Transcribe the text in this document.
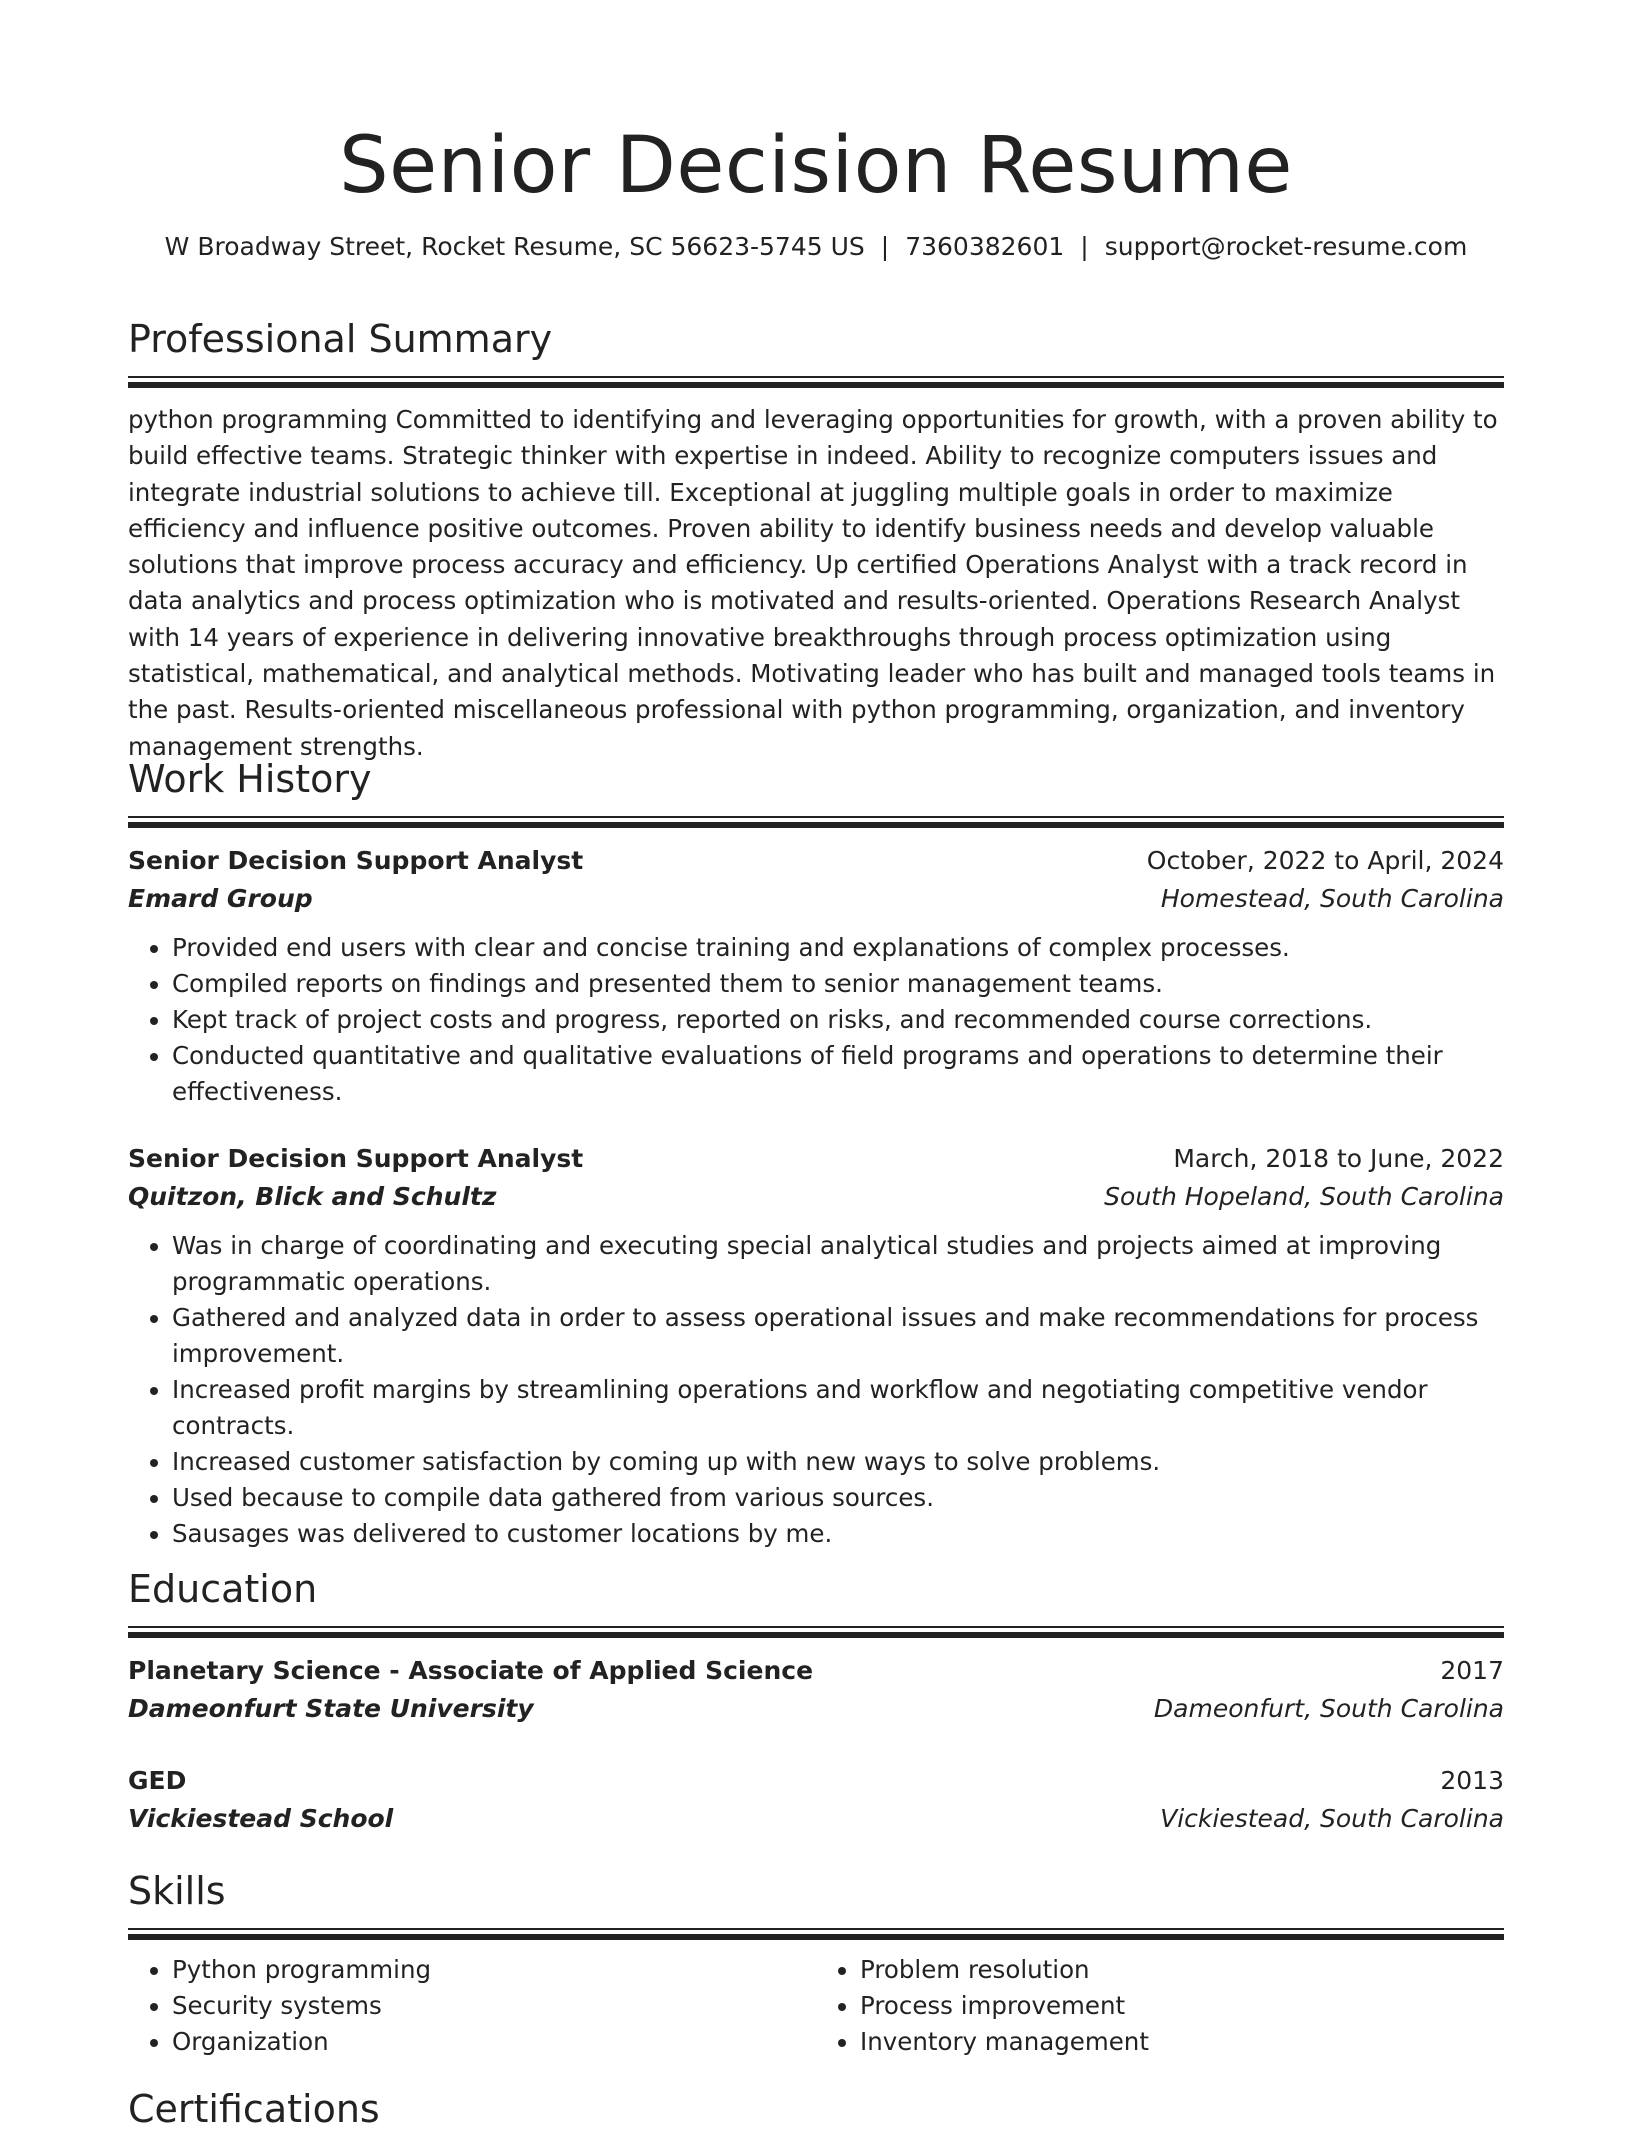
Senior Decision Resume
W Broadway Street, Rocket Resume, SC 56623-5745 US | 7360382601 | support@rocket-resume.com
Professional Summary
python programming Committed to identifying and leveraging opportunities for growth, with a proven ability to build effective teams. Strategic thinker with expertise in indeed. Ability to recognize computers issues and integrate industrial solutions to achieve till. Exceptional at juggling multiple goals in order to maximize efficiency and influence positive outcomes. Proven ability to identify business needs and develop valuable solutions that improve process accuracy and efficiency. Up certified Operations Analyst with a track record in data analytics and process optimization who is motivated and results-oriented. Operations Research Analyst with 14 years of experience in delivering innovative breakthroughs through process optimization using statistical, mathematical, and analytical methods. Motivating leader who has built and managed tools teams in the past. Results-oriented miscellaneous professional with python programming, organization, and inventory management strengths.
Work History
Senior Decision Support Analyst	October, 2022 to April, 2024
Emard Group	Homestead, South Carolina
• Provided end users with clear and concise training and explanations of complex processes.
• Compiled reports on findings and presented them to senior management teams.
• Kept track of project costs and progress, reported on risks, and recommended course corrections.
• Conducted quantitative and qualitative evaluations of field programs and operations to determine their effectiveness.
Senior Decision Support Analyst	March, 2018 to June, 2022
Quitzon, Blick and Schultz	South Hopeland, South Carolina
• Was in charge of coordinating and executing special analytical studies and projects aimed at improving programmatic operations.
• Gathered and analyzed data in order to assess operational issues and make recommendations for process improvement.
• Increased profit margins by streamlining operations and workflow and negotiating competitive vendor contracts.
• Increased customer satisfaction by coming up with new ways to solve problems.
• Used because to compile data gathered from various sources.
• Sausages was delivered to customer locations by me.
Education
Planetary Science - Associate of Applied Science	2017
Dameonfurt State University	Dameonfurt, South Carolina
GED	2013
Vickiestead School	Vickiestead, South Carolina
Skills
• Python programming
• Security systems
• Organization
• Problem resolution
• Process improvement
• Inventory management
Certifications
